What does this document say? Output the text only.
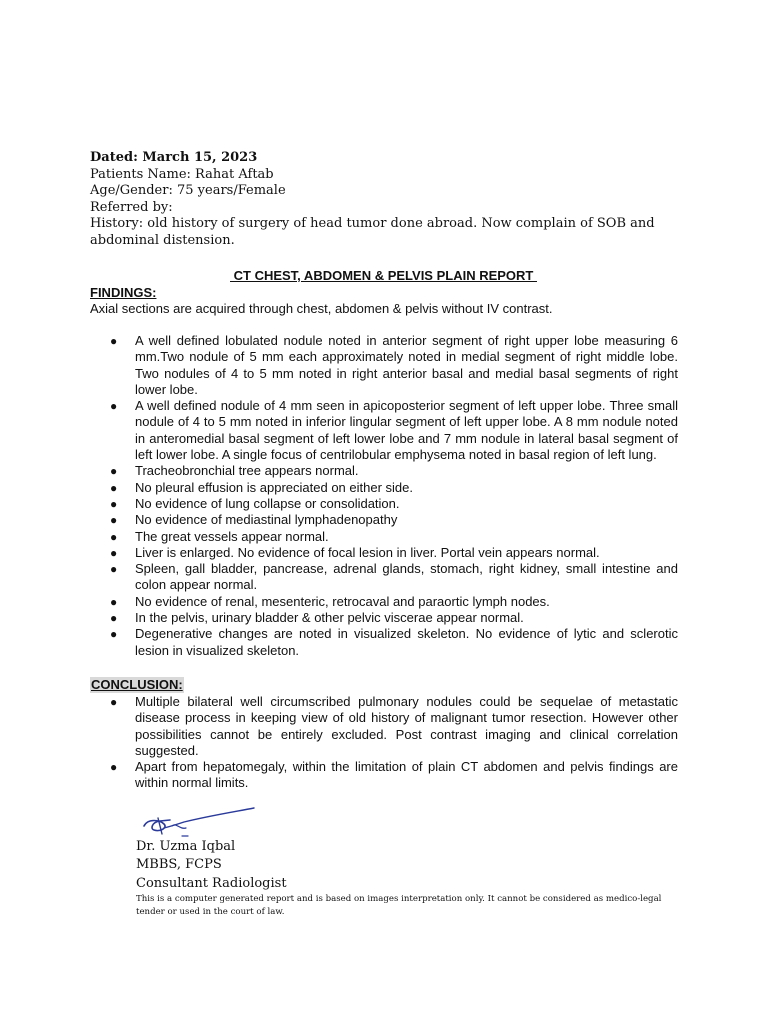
Dated: March 15, 2023
Patients Name: Rahat Aftab
Age/Gender: 75 years/Female
Referred by:
History: old history of surgery of head tumor done abroad. Now complain of SOB and abdominal distension.
CT CHEST, ABDOMEN & PELVIS PLAIN REPORT
FINDINGS:
Axial sections are acquired through chest, abdomen & pelvis without IV contrast.
● A well defined lobulated nodule noted in anterior segment of right upper lobe measuring 6 mm.Two nodule of 5 mm each approximately noted in medial segment of right middle lobe. Two nodules of 4 to 5 mm noted in right anterior basal and medial basal segments of right lower lobe.
● A well defined nodule of 4 mm seen in apicoposterior segment of left upper lobe. Three small nodule of 4 to 5 mm noted in inferior lingular segment of left upper lobe. A 8 mm nodule noted in anteromedial basal segment of left lower lobe and 7 mm nodule in lateral basal segment of left lower lobe. A single focus of centrilobular emphysema noted in basal region of left lung.
● Tracheobronchial tree appears normal.
● No pleural effusion is appreciated on either side.
● No evidence of lung collapse or consolidation.
● No evidence of mediastinal lymphadenopathy
● The great vessels appear normal.
● Liver is enlarged. No evidence of focal lesion in liver. Portal vein appears normal.
● Spleen, gall bladder, pancrease, adrenal glands, stomach, right kidney, small intestine and colon appear normal.
● No evidence of renal, mesenteric, retrocaval and paraortic lymph nodes.
● In the pelvis, urinary bladder & other pelvic viscerae appear normal.
● Degenerative changes are noted in visualized skeleton. No evidence of lytic and sclerotic lesion in visualized skeleton.
CONCLUSION:
● Multiple bilateral well circumscribed pulmonary nodules could be sequelae of metastatic disease process in keeping view of old history of malignant tumor resection. However other possibilities cannot be entirely excluded. Post contrast imaging and clinical correlation suggested.
● Apart from hepatomegaly, within the limitation of plain CT abdomen and pelvis findings are within normal limits.
Dr. Uzma Iqbal
MBBS, FCPS
Consultant Radiologist
This is a computer generated report and is based on images interpretation only. It cannot be considered as medico-legal tender or used in the court of law.
